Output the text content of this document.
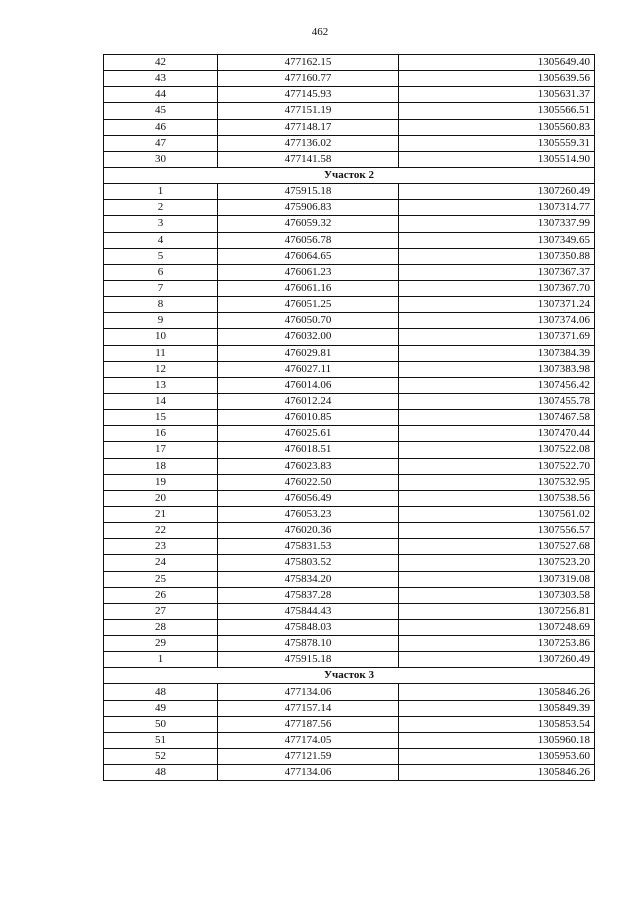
462
42	477162.15	1305649.40
43	477160.77	1305639.56
44	477145.93	1305631.37
45	477151.19	1305566.51
46	477148.17	1305560.83
47	477136.02	1305559.31
30	477141.58	1305514.90
Участок 2		
1	475915.18	1307260.49
2	475906.83	1307314.77
3	476059.32	1307337.99
4	476056.78	1307349.65
5	476064.65	1307350.88
6	476061.23	1307367.37
7	476061.16	1307367.70
8	476051.25	1307371.24
9	476050.70	1307374.06
10	476032.00	1307371.69
11	476029.81	1307384.39
12	476027.11	1307383.98
13	476014.06	1307456.42
14	476012.24	1307455.78
15	476010.85	1307467.58
16	476025.61	1307470.44
17	476018.51	1307522.08
18	476023.83	1307522.70
19	476022.50	1307532.95
20	476056.49	1307538.56
21	476053.23	1307561.02
22	476020.36	1307556.57
23	475831.53	1307527.68
24	475803.52	1307523.20
25	475834.20	1307319.08
26	475837.28	1307303.58
27	475844.43	1307256.81
28	475848.03	1307248.69
29	475878.10	1307253.86
1	475915.18	1307260.49
Участок 3		
48	477134.06	1305846.26
49	477157.14	1305849.39
50	477187.56	1305853.54
51	477174.05	1305960.18
52	477121.59	1305953.60
48	477134.06	1305846.26
